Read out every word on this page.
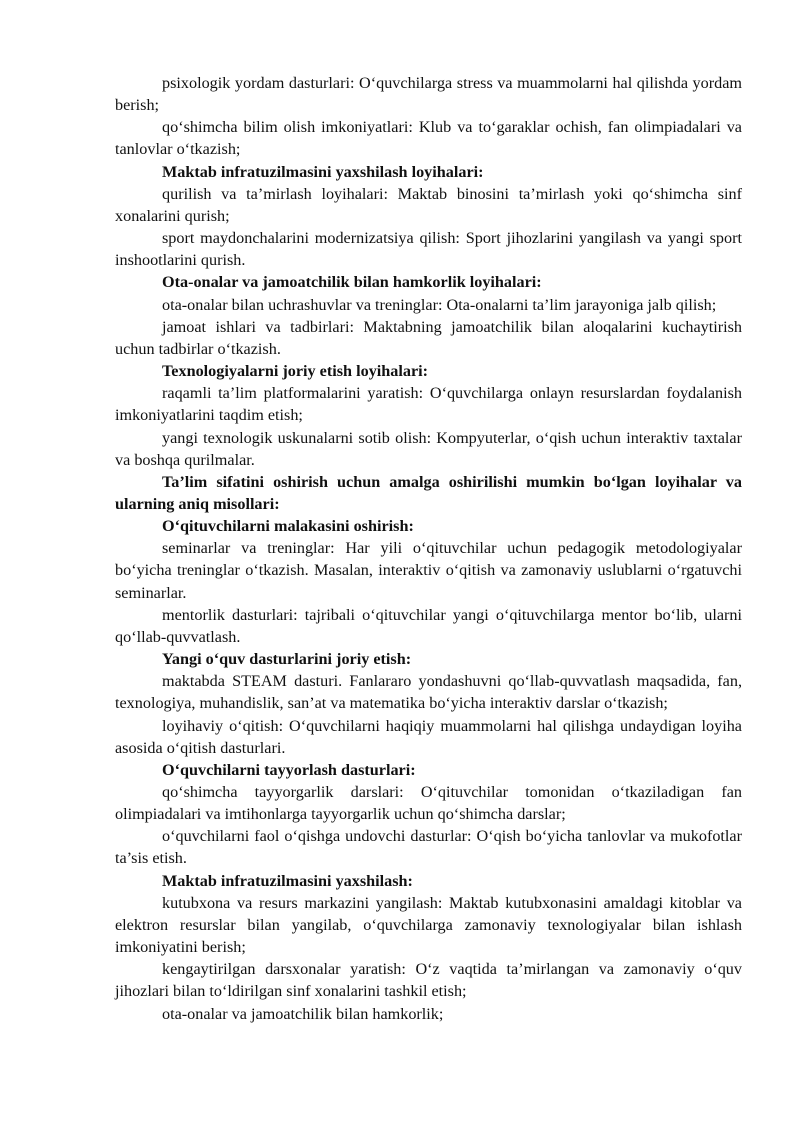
psixologik yordam dasturlari: O‘quvchilarga stress va muammolarni hal qilishda yordam berish;

qo‘shimcha bilim olish imkoniyatlari: Klub va to‘garaklar ochish, fan olimpiadalari va tanlovlar o‘tkazish;

Maktab infratuzilmasini yaxshilash loyihalari:

qurilish va ta’mirlash loyihalari: Maktab binosini ta’mirlash yoki qo‘shimcha sinf xonalarini qurish;

sport maydonchalarini modernizatsiya qilish: Sport jihozlarini yangilash va yangi sport inshootlarini qurish.

Ota-onalar va jamoatchilik bilan hamkorlik loyihalari:

ota-onalar bilan uchrashuvlar va treninglar: Ota-onalarni ta’lim jarayoniga jalb qilish;

jamoat ishlari va tadbirlari: Maktabning jamoatchilik bilan aloqalarini kuchaytirish uchun tadbirlar o‘tkazish.

Texnologiyalarni joriy etish loyihalari:

raqamli ta’lim platformalarini yaratish: O‘quvchilarga onlayn resurslardan foydalanish imkoniyatlarini taqdim etish;

yangi texnologik uskunalarni sotib olish: Kompyuterlar, o‘qish uchun interaktiv taxtalar va boshqa qurilmalar.

Ta’lim sifatini oshirish uchun amalga oshirilishi mumkin bo‘lgan loyihalar va ularning aniq misollari:

O‘qituvchilarni malakasini oshirish:

seminarlar va treninglar: Har yili o‘qituvchilar uchun pedagogik metodologiyalar bo‘yicha treninglar o‘tkazish. Masalan, interaktiv o‘qitish va zamonaviy uslublarni o‘rgatuvchi seminarlar.

mentorlik dasturlari: tajribali o‘qituvchilar yangi o‘qituvchilarga mentor bo‘lib, ularni qo‘llab-quvvatlash.

Yangi o‘quv dasturlarini joriy etish:

maktabda STEAM dasturi. Fanlararo yondashuvni qo‘llab-quvvatlash maqsadida, fan, texnologiya, muhandislik, san’at va matematika bo‘yicha interaktiv darslar o‘tkazish;

loyihaviy o‘qitish: O‘quvchilarni haqiqiy muammolarni hal qilishga undaydigan loyiha asosida o‘qitish dasturlari.

O‘quvchilarni tayyorlash dasturlari:

qo‘shimcha tayyorgarlik darslari: O‘qituvchilar tomonidan o‘tkaziladigan fan olimpiadalari va imtihonlarga tayyorgarlik uchun qo‘shimcha darslar;

o‘quvchilarni faol o‘qishga undovchi dasturlar: O‘qish bo‘yicha tanlovlar va mukofotlar ta’sis etish.

Maktab infratuzilmasini yaxshilash:

kutubxona va resurs markazini yangilash: Maktab kutubxonasini amaldagi kitoblar va elektron resurslar bilan yangilab, o‘quvchilarga zamonaviy texnologiyalar bilan ishlash imkoniyatini berish;

kengaytirilgan darsxonalar yaratish: O‘z vaqtida ta’mirlangan va zamonaviy o‘quv jihozlari bilan to‘ldirilgan sinf xonalarini tashkil etish;

ota-onalar va jamoatchilik bilan hamkorlik;
